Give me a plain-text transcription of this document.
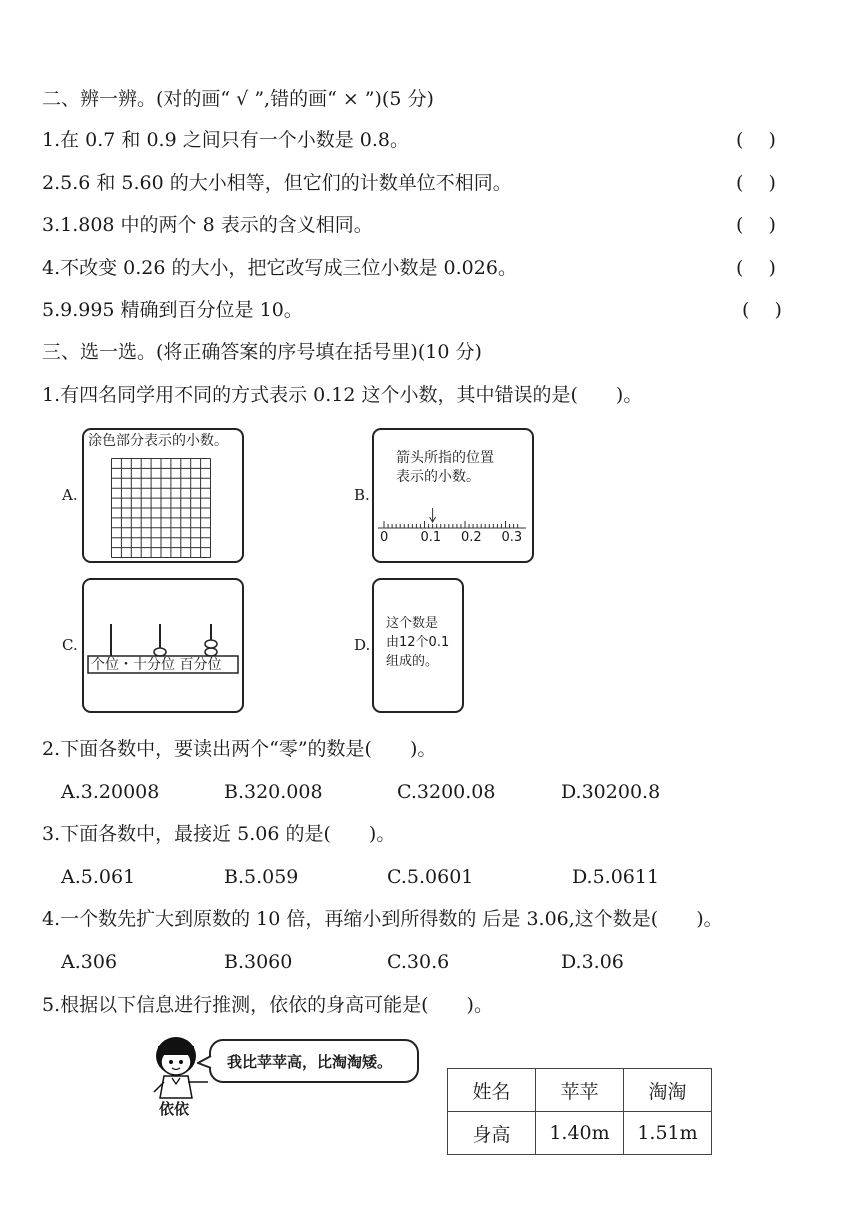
二、辨一辨。(对的画“ √ ”,错的画“ × ”)(5 分)
1.在 0.7 和 0.9 之间只有一个小数是 0.8。	(　 )
2.5.6 和 5.60 的大小相等，但它们的计数单位不相同。	(　 )
3.1.808 中的两个 8 表示的含义相同。	(　 )
4.不改变 0.26 的大小，把它改写成三位小数是 0.026。	(　 )
5.9.995 精确到百分位是 10。	(　 )
三、选一选。(将正确答案的序号填在括号里)(10 分)
1.有四名同学用不同的方式表示 0.12 这个小数，其中错误的是(　　)。
A.
涂色部分表示的小数。
B.
箭头所指的位置
表示的小数。
0 0.1 0.2 0.3
C.
个位・十分位 百分位
D.
这个数是
由12个0.1
组成的。
2.下面各数中，要读出两个“零”的数是(　　)。
A.3.20008	B.320.008	C.3200.08	D.30200.8
3.下面各数中，最接近 5.06 的是(　　)。
A.5.061	B.5.059	C.5.0601	D.5.0611
4.一个数先扩大到原数的 10 倍，再缩小到所得数的 后是 3.06,这个数是(　　)。
A.306	B.3060	C.30.6	D.3.06
5.根据以下信息进行推测，依依的身高可能是(　　)。
依依
我比苹苹高，比淘淘矮。
姓名	苹苹	淘淘
身高	1.40m	1.51m
